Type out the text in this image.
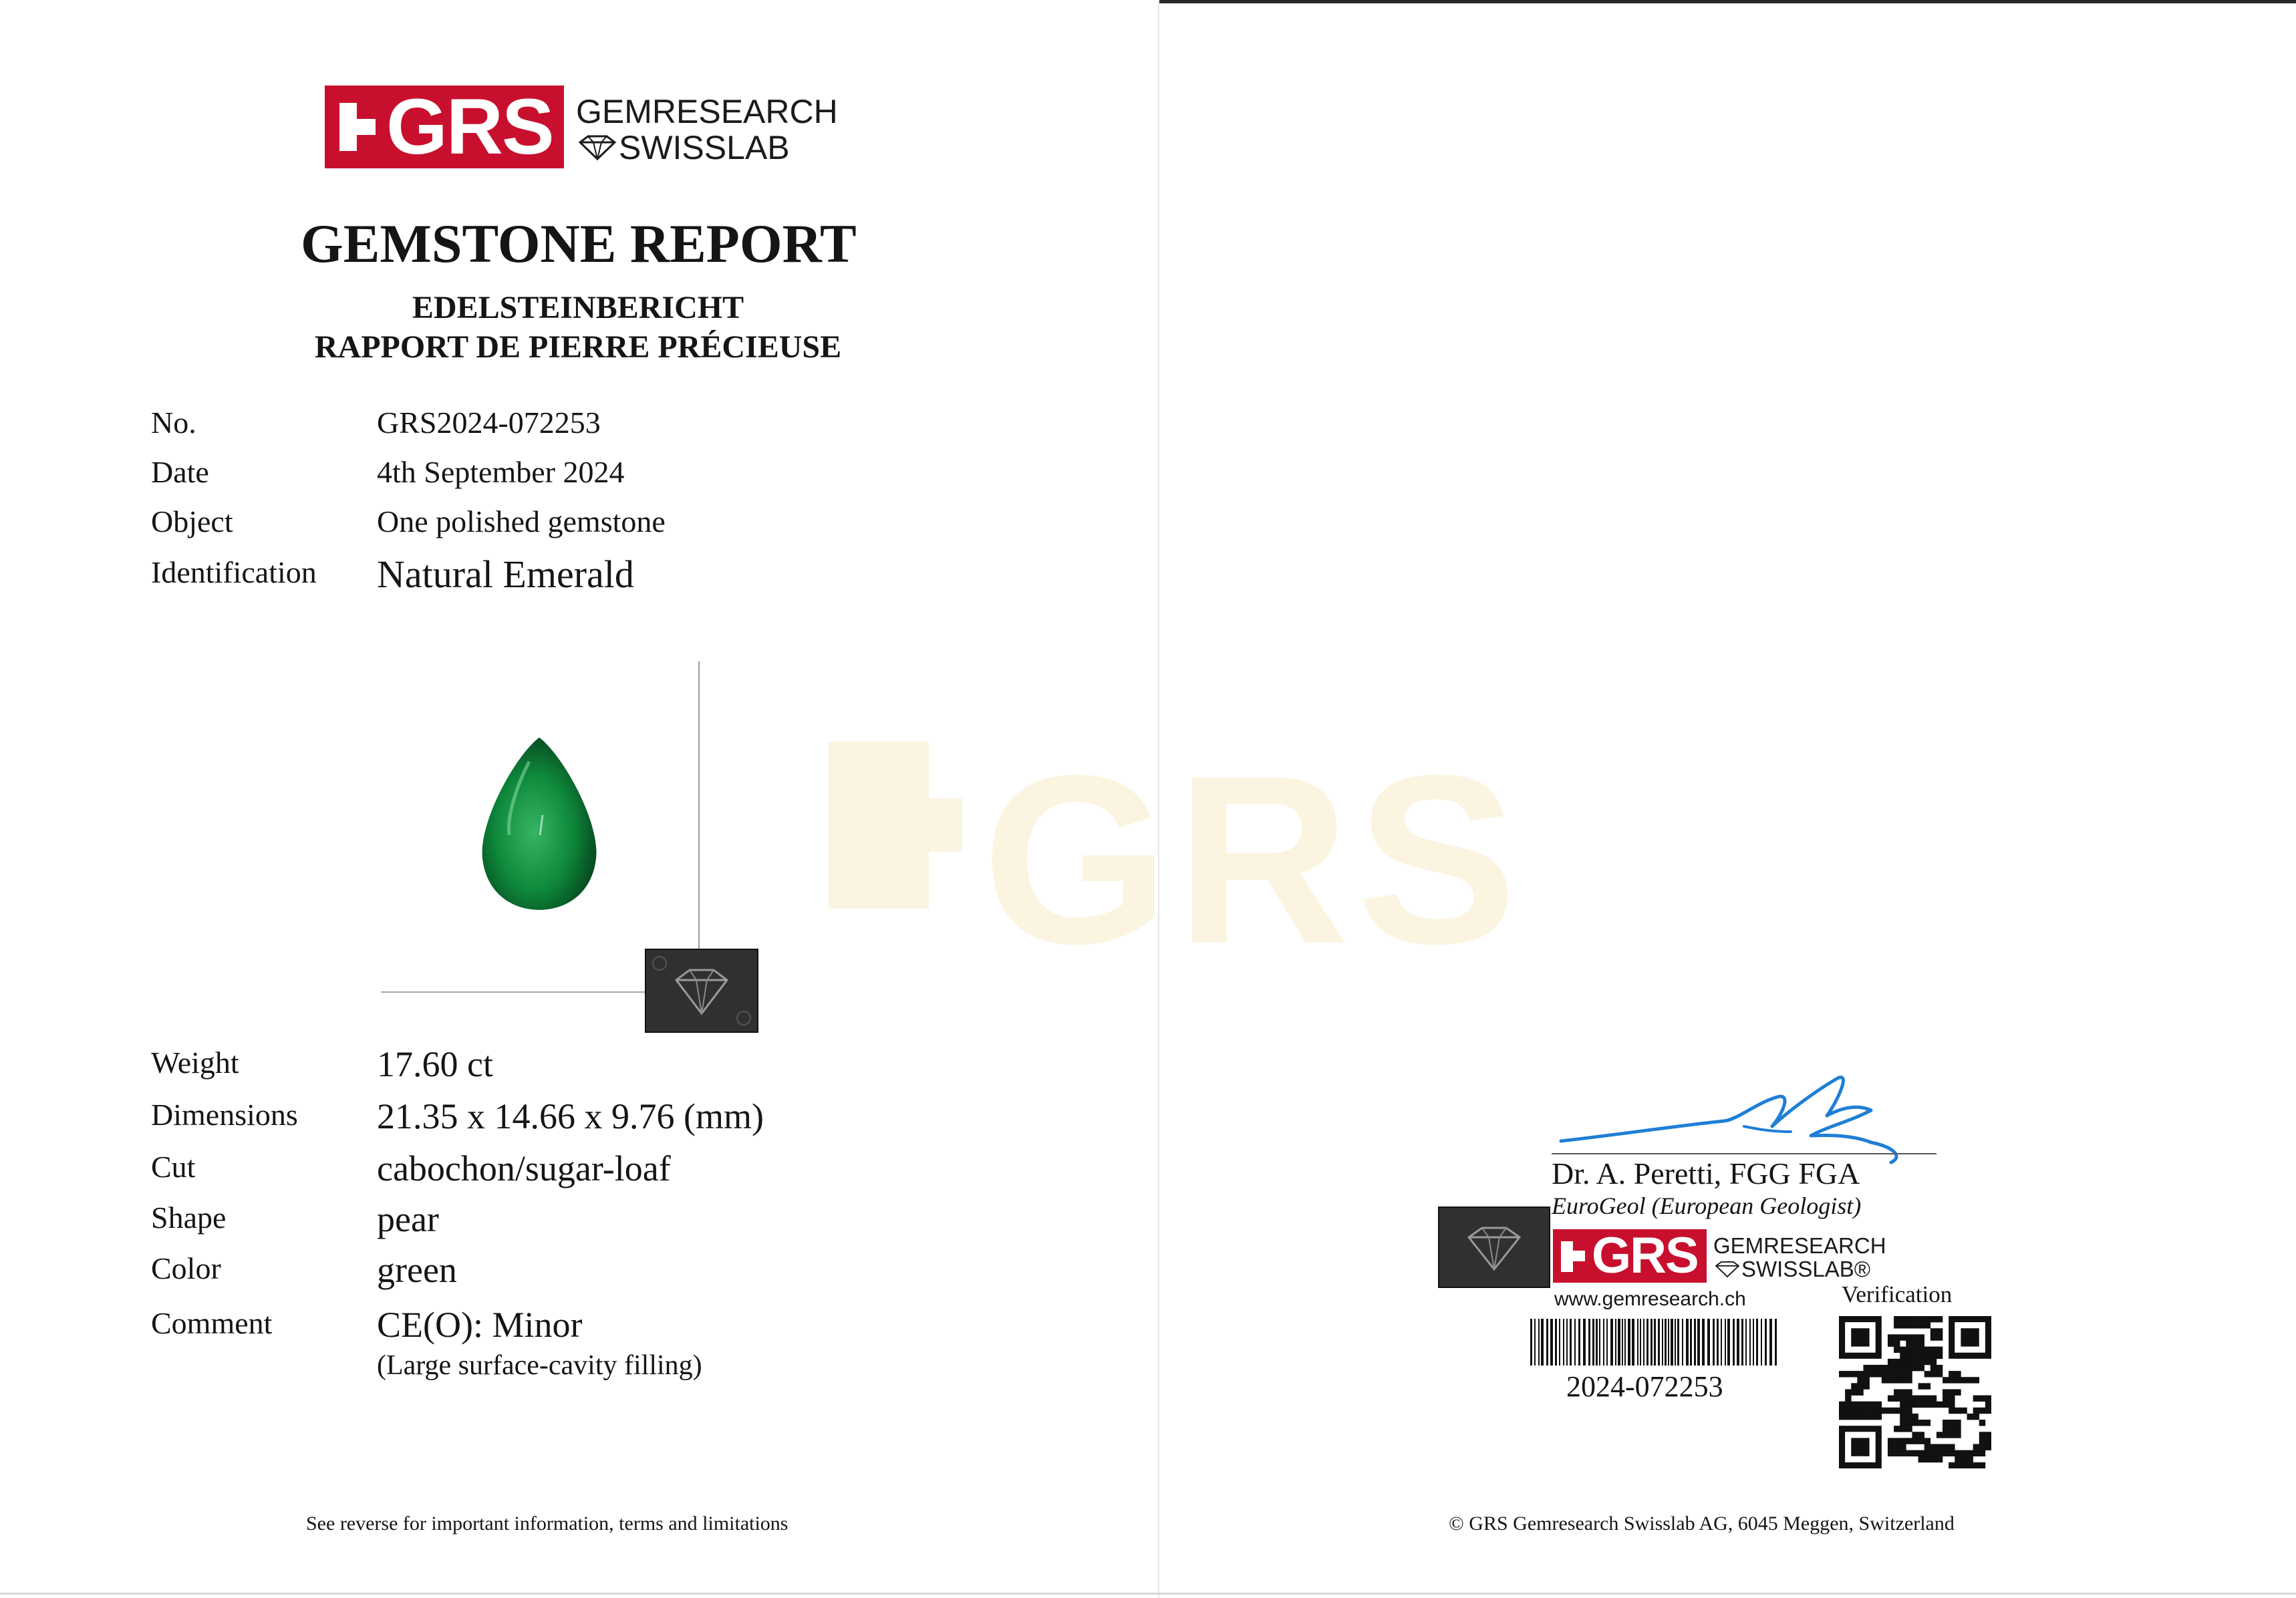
GRS
GRS GEMRESEARCH
SWISSLAB
GEMSTONE REPORT
EDELSTEINBERICHT
RAPPORT DE PIERRE PRÉCIEUSE
No.	GRS2024-072253
Date	4th September 2024
Object	One polished gemstone
Identification Natural Emerald
Weight	17.60 ct
Dimensions 21.35 x 14.66 x 9.76 (mm)
Cut	cabochon/sugar-loaf
Shape	pear
Color	green
Comment	CE(O): Minor
(Large surface-cavity filling)
See reverse for important information, terms and limitations
Dr. A. Peretti, FGG FGA
EuroGeol (European Geologist)
GRS GEMRESEARCH
SWISSLAB®
www.gemresearch.ch	Verification
2024-072253
© GRS Gemresearch Swisslab AG, 6045 Meggen, Switzerland
